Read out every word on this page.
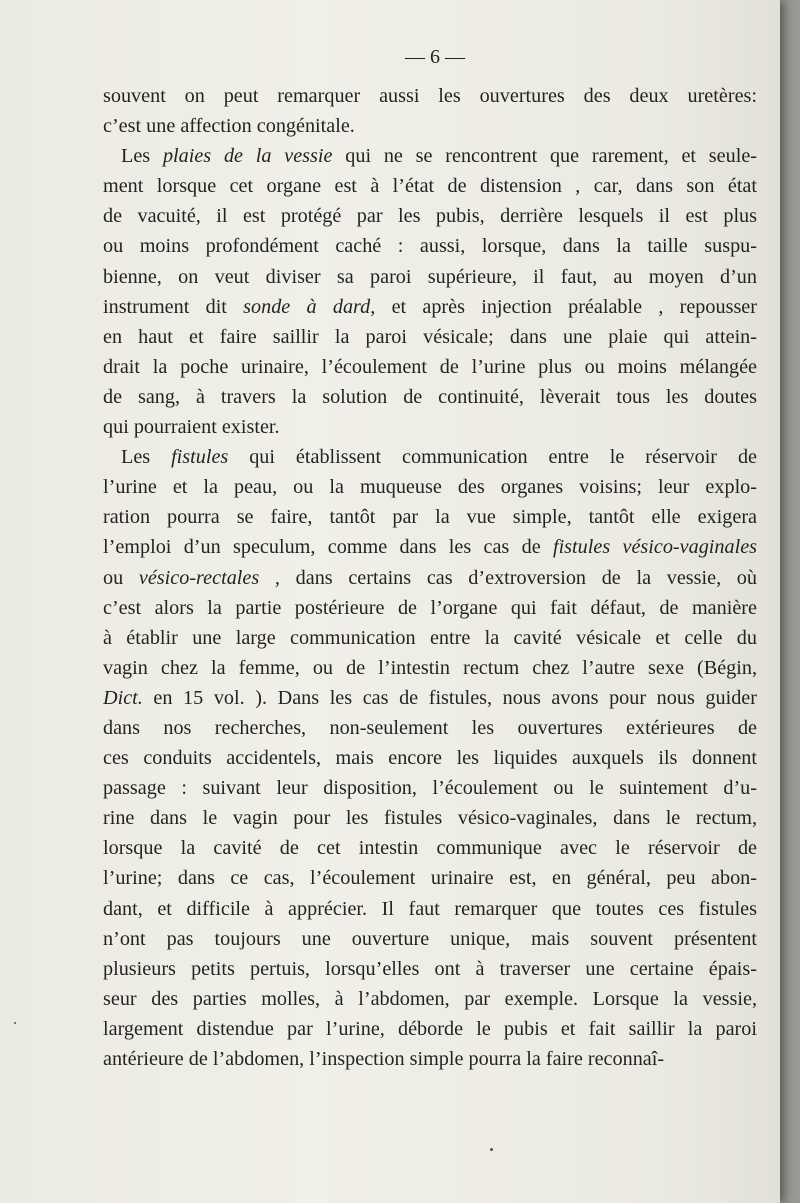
— 6 —
souvent on peut remarquer aussi les ouvertures des deux uretères:
c’est une affection congénitale.
Les plaies de la vessie qui ne se rencontrent que rarement, et seule-
ment lorsque cet organe est à l’état de distension , car, dans son état
de vacuité, il est protégé par les pubis, derrière lesquels il est plus
ou moins profondément caché : aussi, lorsque, dans la taille suspu-
bienne, on veut diviser sa paroi supérieure, il faut, au moyen d’un
instrument dit sonde à dard, et après injection préalable , repousser
en haut et faire saillir la paroi vésicale; dans une plaie qui attein-
drait la poche urinaire, l’écoulement de l’urine plus ou moins mélangée
de sang, à travers la solution de continuité, lèverait tous les doutes
qui pourraient exister.
Les fistules qui établissent communication entre le réservoir de
l’urine et la peau, ou la muqueuse des organes voisins; leur explo-
ration pourra se faire, tantôt par la vue simple, tantôt elle exigera
l’emploi d’un speculum, comme dans les cas de fistules vésico-vaginales
ou vésico-rectales , dans certains cas d’extroversion de la vessie, où
c’est alors la partie postérieure de l’organe qui fait défaut, de manière
à établir une large communication entre la cavité vésicale et celle du
vagin chez la femme, ou de l’intestin rectum chez l’autre sexe (Bégin,
Dict. en 15 vol. ). Dans les cas de fistules, nous avons pour nous guider
dans nos recherches, non-seulement les ouvertures extérieures de
ces conduits accidentels, mais encore les liquides auxquels ils donnent
passage : suivant leur disposition, l’écoulement ou le suintement d’u-
rine dans le vagin pour les fistules vésico-vaginales, dans le rectum,
lorsque la cavité de cet intestin communique avec le réservoir de
l’urine; dans ce cas, l’écoulement urinaire est, en général, peu abon-
dant, et difficile à apprécier. Il faut remarquer que toutes ces fistules
n’ont pas toujours une ouverture unique, mais souvent présentent
plusieurs petits pertuis, lorsqu’elles ont à traverser une certaine épais-
seur des parties molles, à l’abdomen, par exemple. Lorsque la vessie,
largement distendue par l’urine, déborde le pubis et fait saillir la paroi
antérieure de l’abdomen, l’inspection simple pourra la faire reconnaî-
